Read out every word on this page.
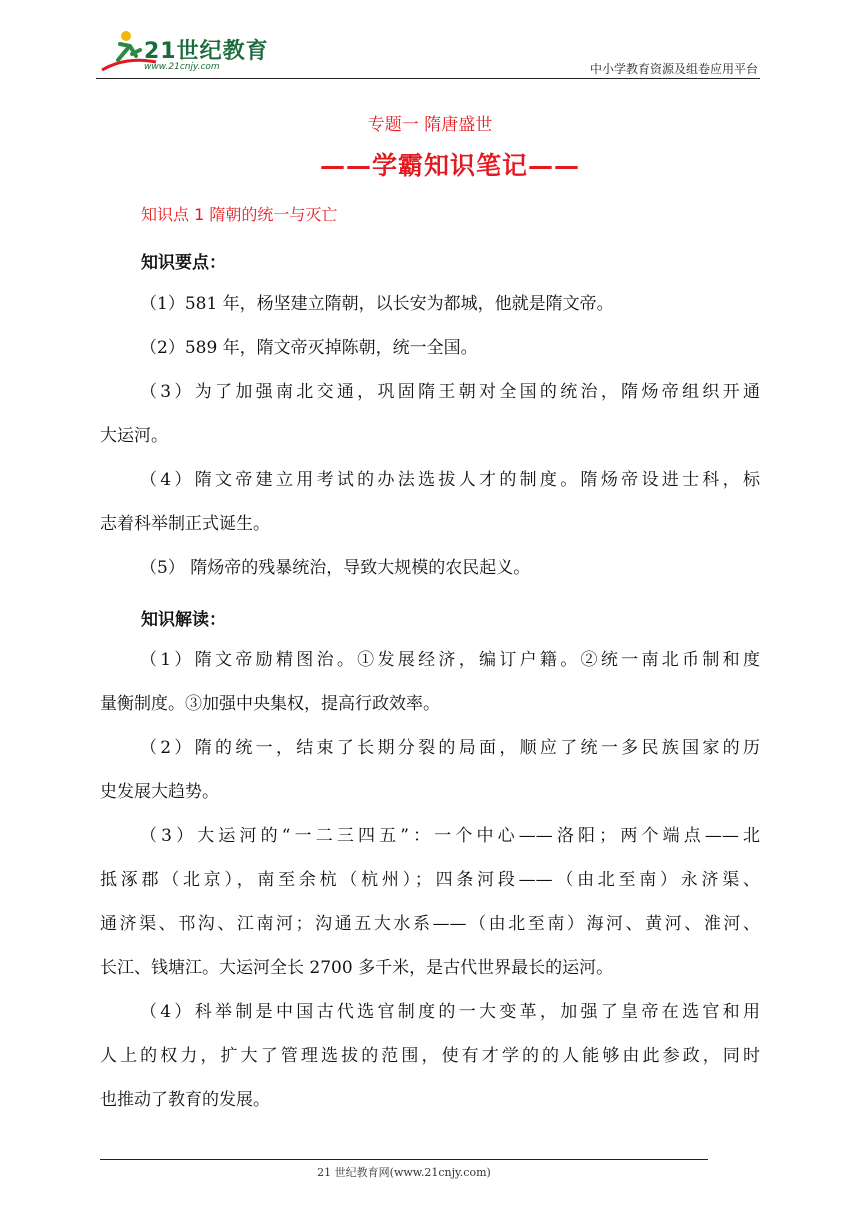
21世纪教育
www.21cnjy.com	中小学教育资源及组卷应用平台
专题一 隋唐盛世
——学霸知识笔记——
知识点 1 隋朝的统一与灭亡
知识要点：
（1）581 年，杨坚建立隋朝，以长安为都城，他就是隋文帝。
（2）589 年，隋文帝灭掉陈朝，统一全国。
（3）为了加强南北交通，巩固隋王朝对全国的统治，隋炀帝组织开通
大运河。
（4）隋文帝建立用考试的办法选拔人才的制度。隋炀帝设进士科，标
志着科举制正式诞生。
（5） 隋炀帝的残暴统治，导致大规模的农民起义。
知识解读：
（1）隋文帝励精图治。①发展经济，编订户籍。②统一南北币制和度
量衡制度。③加强中央集权，提高行政效率。
（2）隋的统一，结束了长期分裂的局面，顺应了统一多民族国家的历
史发展大趋势。
（3）大运河的“一二三四五”：一个中心——洛阳；两个端点——北
抵涿郡（北京），南至余杭（杭州）；四条河段——（由北至南）永济渠、
通济渠、邗沟、江南河；沟通五大水系——（由北至南）海河、黄河、淮河、
长江、钱塘江。大运河全长 2700 多千米，是古代世界最长的运河。
（4）科举制是中国古代选官制度的一大变革，加强了皇帝在选官和用
人上的权力，扩大了管理选拔的范围，使有才学的的人能够由此参政，同时
也推动了教育的发展。
21 世纪教育网(www.21cnjy.com)
